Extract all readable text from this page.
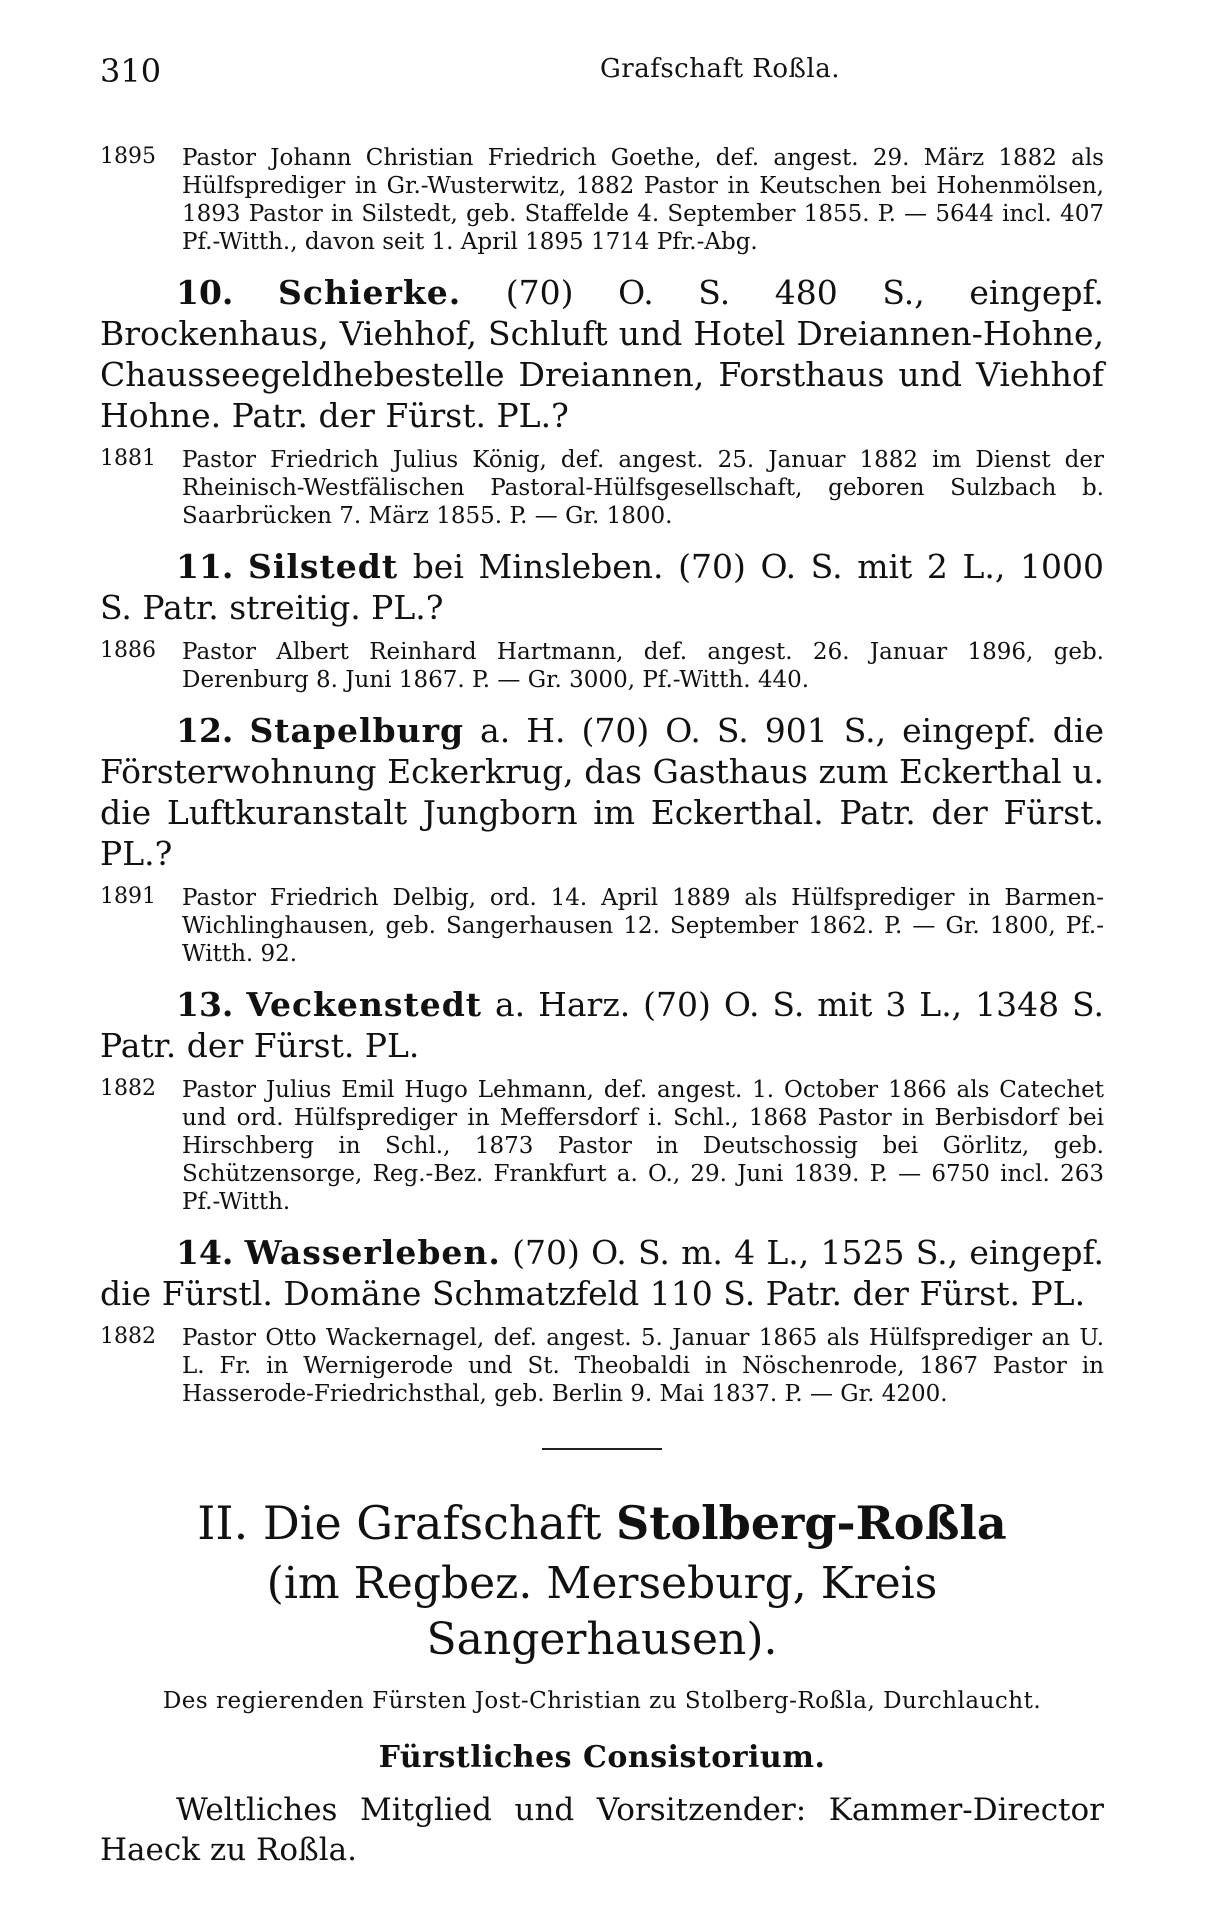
310	Grafschaft Roßla.
1895	Pastor Johann Christian Friedrich Goethe, def. angest. 29. März 1882 als Hülfsprediger in Gr.-Wusterwitz, 1882 Pastor in Keutschen bei Hohenmölsen, 1893 Pastor in Silstedt, geb. Staffelde 4. September 1855. P. — 5644 incl. 407 Pf.-Witth., davon seit 1. April 1895 1714 Pfr.-Abg.
10. Schierke. (70) O. S. 480 S., eingepf. Brockenhaus, Viehhof, Schluft und Hotel Dreiannen-Hohne, Chausseegeldhebestelle Dreiannen, Forsthaus und Viehhof Hohne. Patr. der Fürst. PL.?
1881	Pastor Friedrich Julius König, def. angest. 25. Januar 1882 im Dienst der Rheinisch-Westfälischen Pastoral-Hülfsgesellschaft, geboren Sulzbach b. Saarbrücken 7. März 1855. P. — Gr. 1800.
11. Silstedt bei Minsleben. (70) O. S. mit 2 L., 1000 S. Patr. streitig. PL.?
1886	Pastor Albert Reinhard Hartmann, def. angest. 26. Januar 1896, geb. Derenburg 8. Juni 1867. P. — Gr. 3000, Pf.-Witth. 440.
12. Stapelburg a. H. (70) O. S. 901 S., eingepf. die Försterwohnung Eckerkrug, das Gasthaus zum Eckerthal u. die Luftkuranstalt Jungborn im Eckerthal. Patr. der Fürst. PL.?
1891	Pastor Friedrich Delbig, ord. 14. April 1889 als Hülfsprediger in Barmen-Wichlinghausen, geb. Sangerhausen 12. September 1862. P. — Gr. 1800, Pf.-Witth. 92.
13. Veckenstedt a. Harz. (70) O. S. mit 3 L., 1348 S. Patr. der Fürst. PL.
1882	Pastor Julius Emil Hugo Lehmann, def. angest. 1. October 1866 als Catechet und ord. Hülfsprediger in Meffersdorf i. Schl., 1868 Pastor in Berbisdorf bei Hirschberg in Schl., 1873 Pastor in Deutschossig bei Görlitz, geb. Schützensorge, Reg.-Bez. Frankfurt a. O., 29. Juni 1839. P. — 6750 incl. 263 Pf.-Witth.
14. Wasserleben. (70) O. S. m. 4 L., 1525 S., eingepf. die Fürstl. Domäne Schmatzfeld 110 S. Patr. der Fürst. PL.
1882	Pastor Otto Wackernagel, def. angest. 5. Januar 1865 als Hülfsprediger an U. L. Fr. in Wernigerode und St. Theobaldi in Nöschenrode, 1867 Pastor in Hasserode-Friedrichsthal, geb. Berlin 9. Mai 1837. P. — Gr. 4200.
II. Die Grafschaft Stolberg-Roßla
(im Regbez. Merseburg, Kreis Sangerhausen).
Des regierenden Fürsten Jost-Christian zu Stolberg-Roßla, Durchlaucht.
Fürstliches Consistorium.
Weltliches Mitglied und Vorsitzender: Kammer-Director Haeck zu Roßla.
